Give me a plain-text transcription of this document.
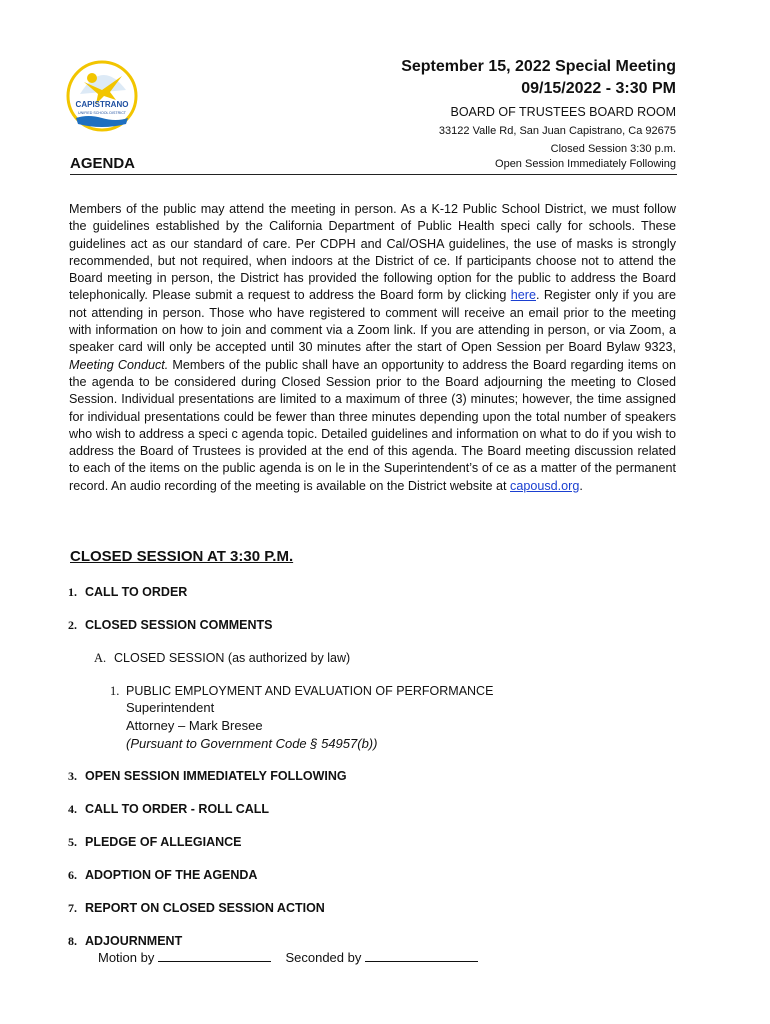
CAPISTRANO
UNIFIED SCHOOL DISTRICT
September 15, 2022 Special Meeting
09/15/2022 - 3:30 PM
BOARD OF TRUSTEES BOARD ROOM
33122 Valle Rd, San Juan Capistrano, Ca 92675
Closed Session 3:30 p.m.
Open Session Immediately Following
AGENDA
Members of the public may attend the meeting in person. As a K-12 Public School District, we must follow the guidelines established by the California Department of Public Health speci cally for schools. These guidelines act as our standard of care. Per CDPH and Cal/OSHA guidelines, the use of masks is strongly recommended, but not required, when indoors at the District of ce. If participants choose not to attend the Board meeting in person, the District has provided the following option for the public to address the Board telephonically. Please submit a request to address the Board form by clicking here. Register only if you are not attending in person. Those who have registered to comment will receive an email prior to the meeting with information on how to join and comment via a Zoom link. If you are attending in person, or via Zoom, a speaker card will only be accepted until 30 minutes after the start of Open Session per Board Bylaw 9323, Meeting Conduct. Members of the public shall have an opportunity to address the Board regarding items on the agenda to be considered during Closed Session prior to the Board adjourning the meeting to Closed Session. Individual presentations are limited to a maximum of three (3) minutes; however, the time assigned for individual presentations could be fewer than three minutes depending upon the total number of speakers who wish to address a speci c agenda topic. Detailed guidelines and information on what to do if you wish to address the Board of Trustees is provided at the end of this agenda. The Board meeting discussion related to each of the items on the public agenda is on le in the Superintendent’s of ce as a matter of the permanent record. An audio recording of the meeting is available on the District website at capousd.org.
CLOSED SESSION AT 3:30 P.M.
1. CALL TO ORDER
2. CLOSED SESSION COMMENTS
A. CLOSED SESSION (as authorized by law)
1. PUBLIC EMPLOYMENT AND EVALUATION OF PERFORMANCE
Superintendent
Attorney – Mark Bresee
(Pursuant to Government Code § 54957(b))
3. OPEN SESSION IMMEDIATELY FOLLOWING
4. CALL TO ORDER - ROLL CALL
5. PLEDGE OF ALLEGIANCE
6. ADOPTION OF THE AGENDA
7. REPORT ON CLOSED SESSION ACTION
8. ADJOURNMENT
Motion by	Seconded by
